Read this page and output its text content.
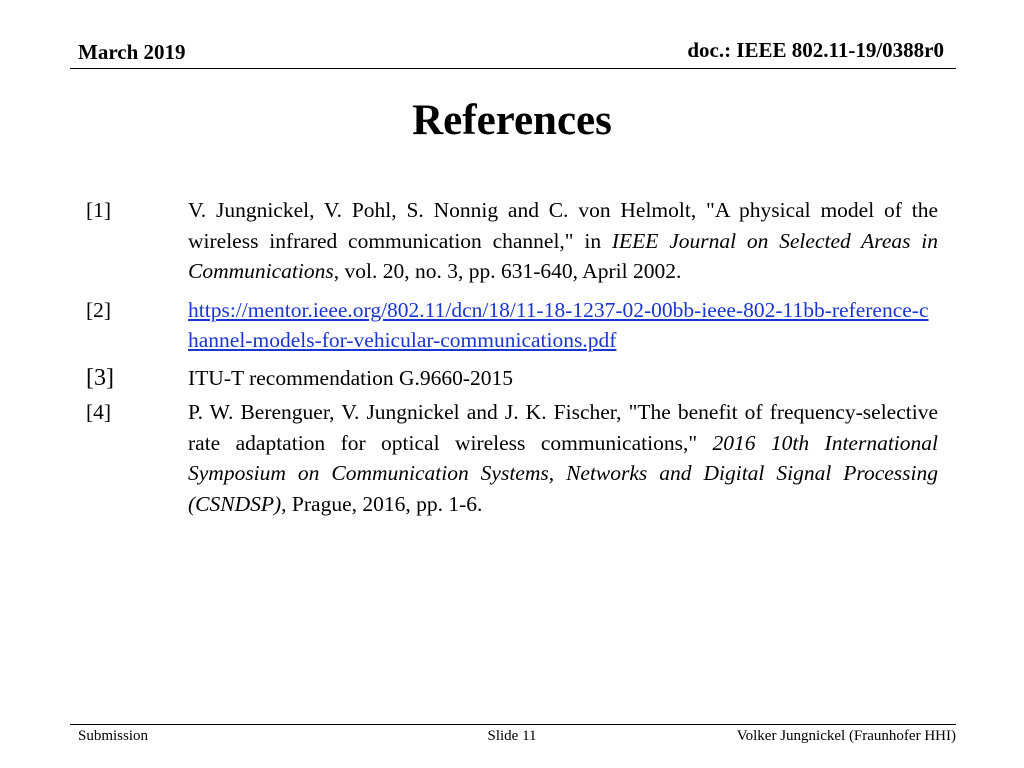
March 2019	doc.: IEEE 802.11-19/0388r0
References
[1]	V. Jungnickel, V. Pohl, S. Nonnig and C. von Helmolt, "A physical model of the wireless infrared communication channel," in IEEE Journal on Selected Areas in Communications, vol. 20, no. 3, pp. 631-640, April 2002.
[2]	https://mentor.ieee.org/802.11/dcn/18/11-18-1237-02-00bb-ieee-802-11bb-reference-channel-models-for-vehicular-communications.pdf
[3]	ITU-T recommendation G.9660-2015
[4]	P. W. Berenguer, V. Jungnickel and J. K. Fischer, "The benefit of frequency-selective rate adaptation for optical wireless communications," 2016 10th International Symposium on Communication Systems, Networks and Digital Signal Processing (CSNDSP), Prague, 2016, pp. 1-6.
Submission	Slide 11	Volker Jungnickel (Fraunhofer HHI)
